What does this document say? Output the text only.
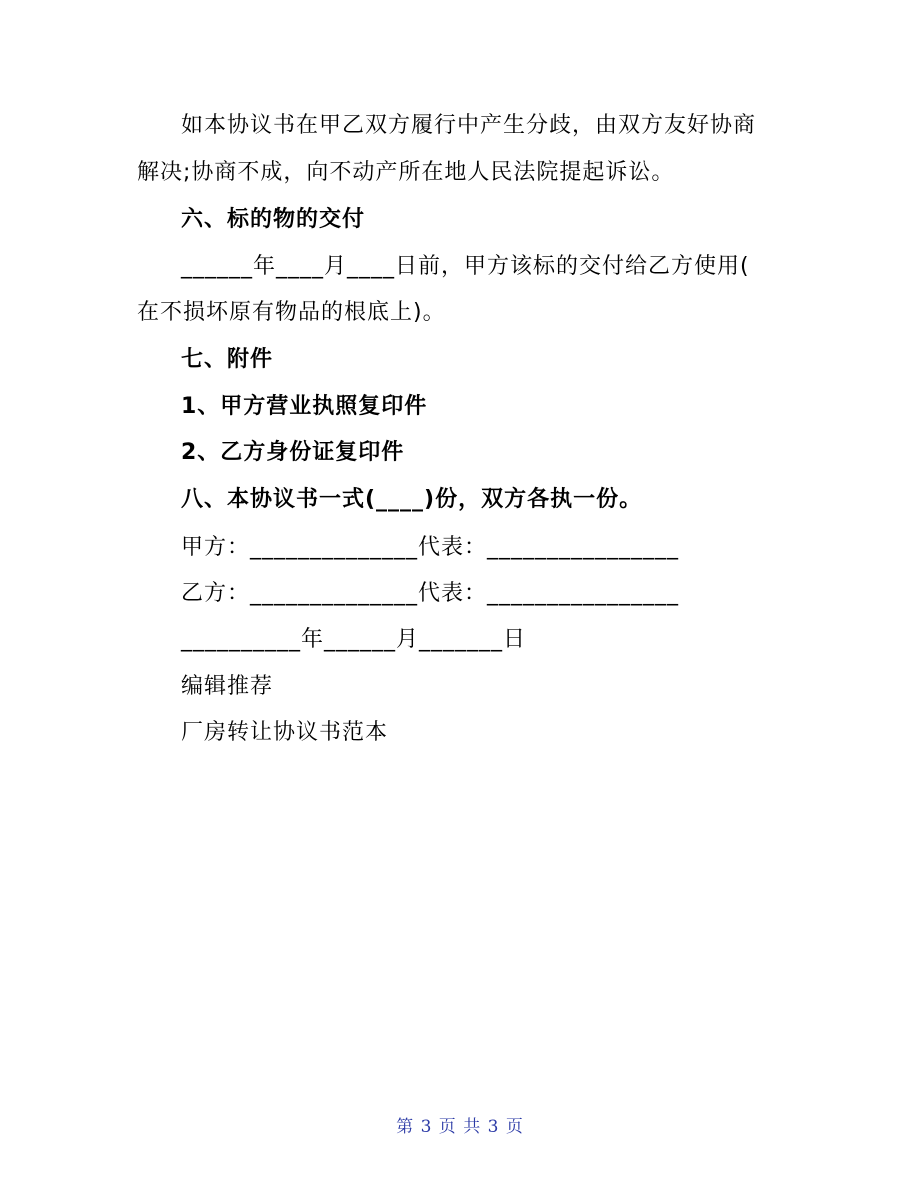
如本协议书在甲乙双方履行中产生分歧，由双方友好协商
解决;协商不成，向不动产所在地人民法院提起诉讼。
六、标的物的交付
______年____月____日前，甲方该标的交付给乙方使用(
在不损坏原有物品的根底上)。
七、附件
1、甲方营业执照复印件
2、乙方身份证复印件
八、本协议书一式(____)份，双方各执一份。
甲方：______________代表：________________
乙方：______________代表：________________
__________年______月_______日
编辑推荐
厂房转让协议书范本
第 3 页 共 3 页
